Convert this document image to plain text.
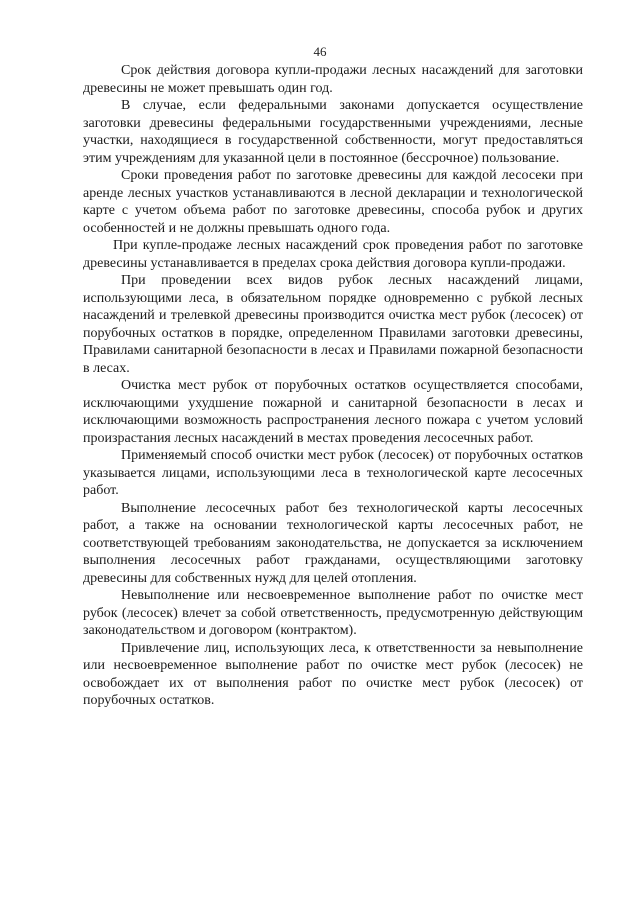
46

Срок действия договора купли-продажи лесных насаждений для заготовки древесины не может превышать один год.

В случае, если федеральными законами допускается осуществление заготовки древесины федеральными государственными учреждениями, лесные участки, находящиеся в государственной собственности, могут предоставляться этим учреждениям для указанной цели в постоянное (бессрочное) пользование.

Сроки проведения работ по заготовке древесины для каждой лесосеки при аренде лесных участков устанавливаются в лесной декларации и технологической карте с учетом объема работ по заготовке древесины, способа рубок и других особенностей и не должны превышать одного года.

При купле-продаже лесных насаждений срок проведения работ по заготовке древесины устанавливается в пределах срока действия договора купли-продажи.

При проведении всех видов рубок лесных насаждений лицами, использующими леса, в обязательном порядке одновременно с рубкой лесных насаждений и трелевкой древесины производится очистка мест рубок (лесосек) от порубочных остатков в порядке, определенном Правилами заготовки древесины, Правилами санитарной безопасности в лесах и Правилами пожарной безопасности в лесах.

Очистка мест рубок от порубочных остатков осуществляется способами, исключающими ухудшение пожарной и санитарной безопасности в лесах и исключающими возможность распространения лесного пожара с учетом условий произрастания лесных насаждений в местах проведения лесосечных работ.

Применяемый способ очистки мест рубок (лесосек) от порубочных остатков указывается лицами, использующими леса в технологической карте лесосечных работ.

Выполнение лесосечных работ без технологической карты лесосечных работ, а также на основании технологической карты лесосечных работ, не соответствующей требованиям законодательства, не допускается за исключением выполнения лесосечных работ гражданами, осуществляющими заготовку древесины для собственных нужд для целей отопления.

Невыполнение или несвоевременное выполнение работ по очистке мест рубок (лесосек) влечет за собой ответственность, предусмотренную действующим законодательством и договором (контрактом).

Привлечение лиц, использующих леса, к ответственности за невыполнение или несвоевременное выполнение работ по очистке мест рубок (лесосек) не освобождает их от выполнения работ по очистке мест рубок (лесосек) от порубочных остатков.
